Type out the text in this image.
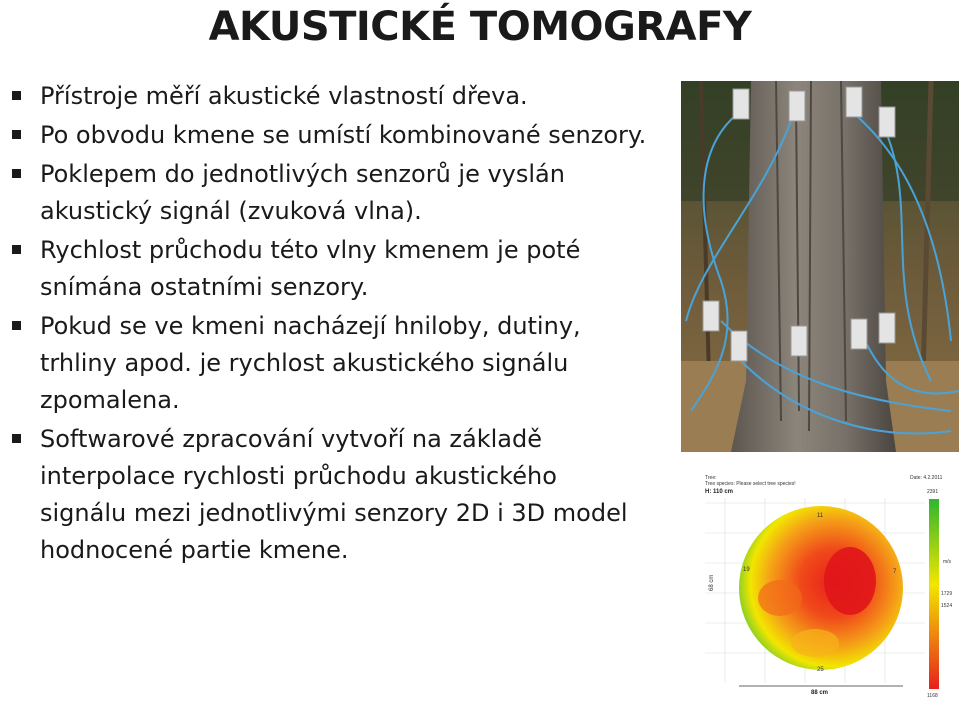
AKUSTICKÉ TOMOGRAFY
Přístroje měří akustické vlastností dřeva.
Po obvodu kmene se umístí kombinované senzory.
Poklepem do jednotlivých senzorů je vyslán akustický signál (zvuková vlna).
Rychlost průchodu této vlny kmenem je poté snímána ostatními senzory.
Pokud se ve kmeni nacházejí hniloby, dutiny, trhliny apod. je rychlost akustického signálu zpomalena.
Softwarové zpracování vytvoří na základě interpolace rychlosti průchodu akustického signálu mezi jednotlivými senzory 2D i 3D model hodnocené partie kmene.
Tree:
Tree species: Please select tree species!
H: 110 cm
Date: 4.2.2011
11
19	7
25
68 cm
88 cm
2391
m/s
1729
1524
1168
